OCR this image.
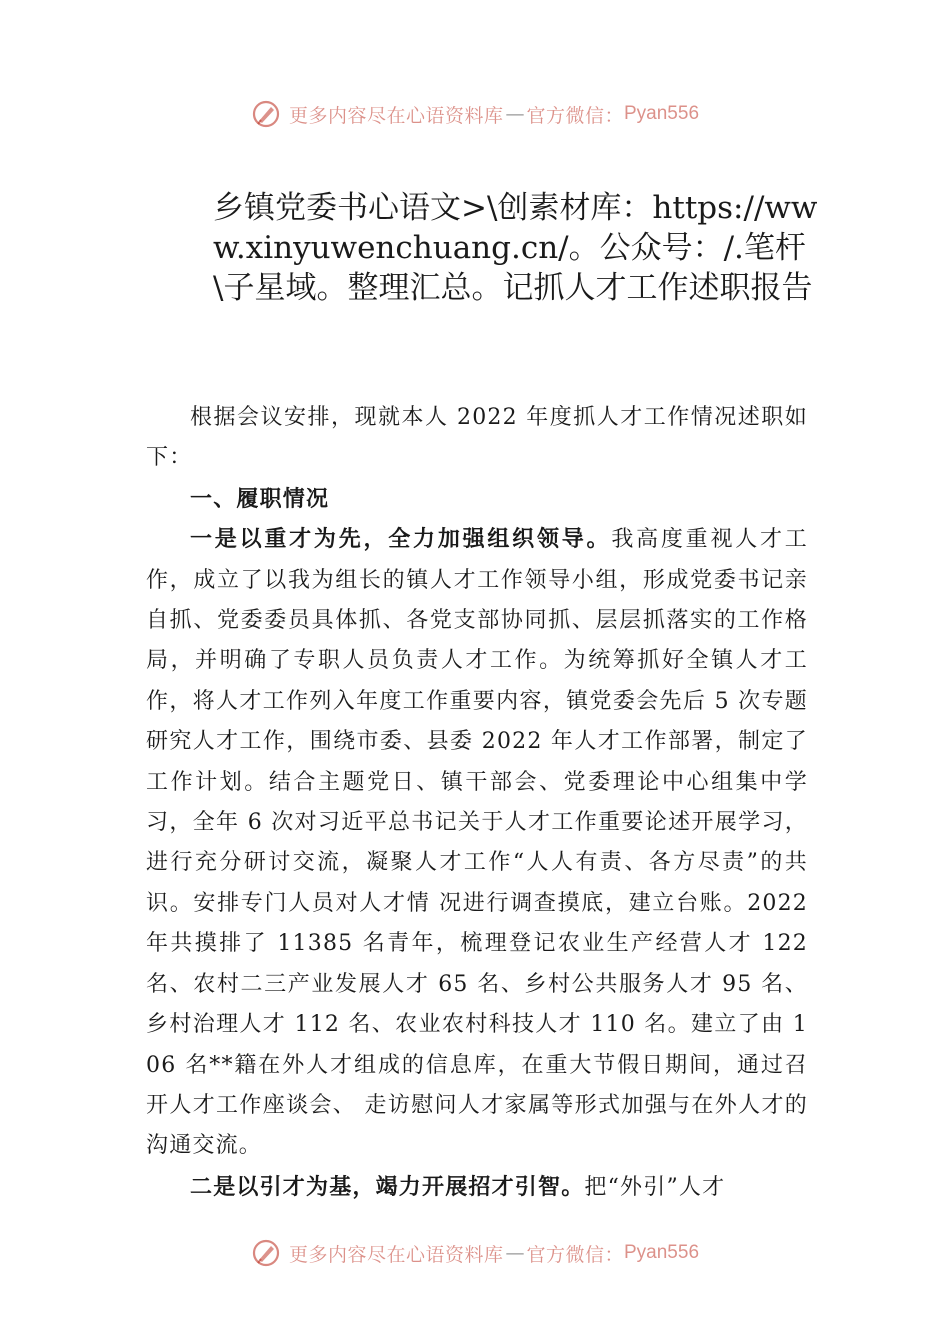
更多内容尽在心语资料库 — 官方微信： Pyan556
乡镇党委书心语文>\创素材库：https://www.xinyuwenchuang.cn/。公众号：/.笔杆\子星域。整理汇总。记抓人才工作述职报告

根据会议安排，现就本人 2022 年度抓人才工作情况述职如下：

一、履职情况

一是以重才为先，全力加强组织领导。我高度重视人才工作，成立了以我为组长的镇人才工作领导小组，形成党委书记亲自抓、党委委员具体抓、各党支部协同抓、层层抓落实的工作格局，并明确了专职人员负责人才工作。为统筹抓好全镇人才工作，将人才工作列入年度工作重要内容，镇党委会先后 5 次专题研究人才工作，围绕市委、县委 2022 年人才工作部署，制定了工作计划。结合主题党日、镇干部会、党委理论中心组集中学习，全年 6 次对习近平总书记关于人才工作重要论述开展学习，进行充分研讨交流，凝聚人才工作“人人有责、各方尽责”的共识。安排专门人员对人才情 况进行调查摸底，建立台账。2022 年共摸排了 11385 名青年，梳理登记农业生产经营人才 122 名、农村二三产业发展人才 65 名、乡村公共服务人才 95 名、乡村治理人才 112 名、农业农村科技人才 110 名。建立了由 106 名**籍在外人才组成的信息库，在重大节假日期间，通过召开人才工作座谈会、 走访慰问人才家属等形式加强与在外人才的沟通交流。

二是以引才为基，竭力开展招才引智。把“外引”人才

更多内容尽在心语资料库 — 官方微信： Pyan556
